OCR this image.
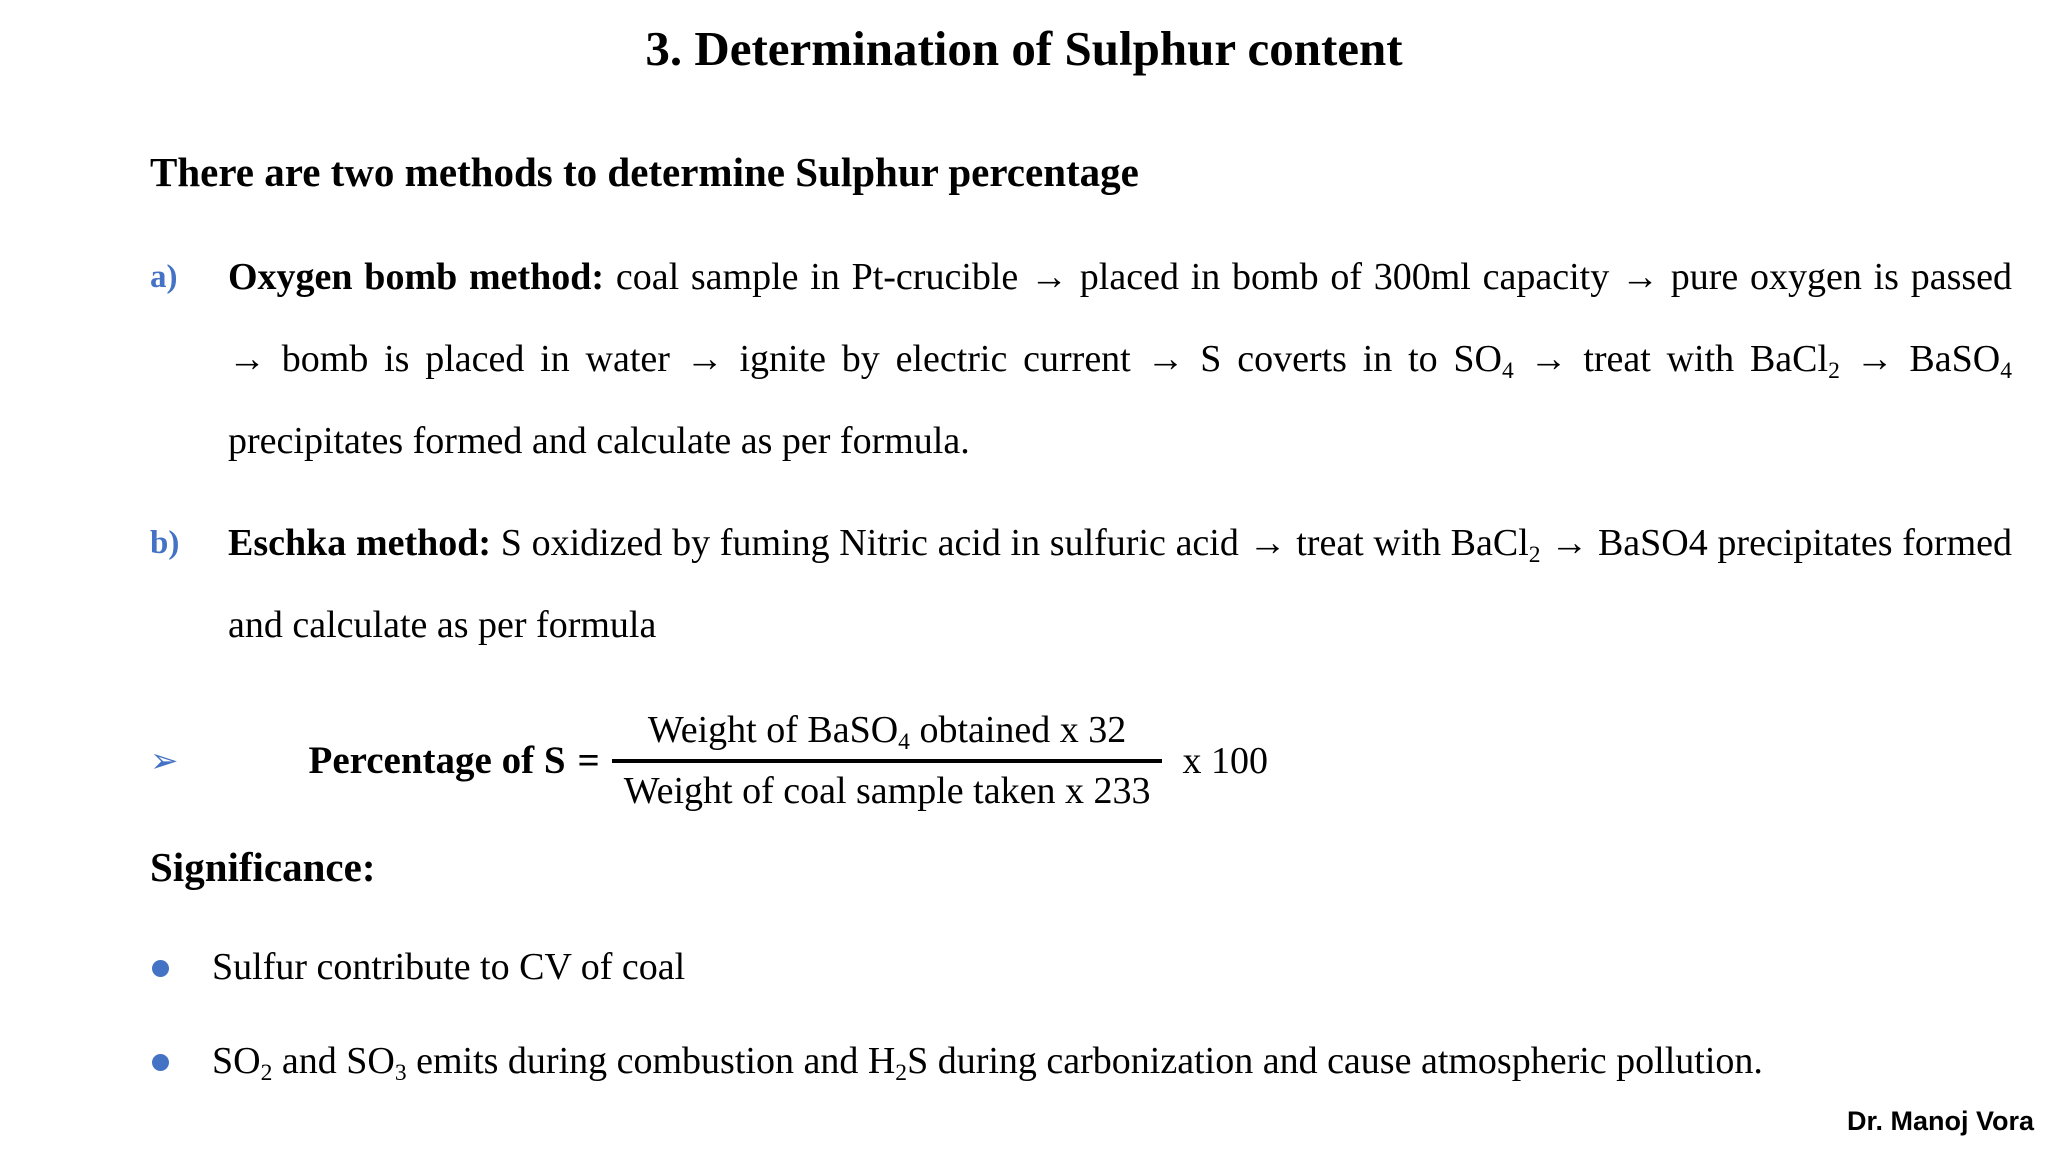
3. Determination of Sulphur content
There are two methods to determine Sulphur percentage
a) Oxygen bomb method: coal sample in Pt-crucible → placed in bomb of 300ml capacity → pure oxygen is passed → bomb is placed in water → ignite by electric current → S coverts in to SO4 → treat with BaCl2 → BaSO4 precipitates formed and calculate as per formula.
b) Eschka method: S oxidized by fuming Nitric acid in sulfuric acid → treat with BaCl2 → BaSO4 precipitates formed and calculate as per formula
➢	Percentage of $S = \frac{\text{Weight of BaSO4 obtained x 32}}{\text{Weight of coal sample taken x 233}}$ x 100
Significance:
Sulfur contribute to CV of coal
SO2 and SO3 emits during combustion and H2S during carbonization and cause atmospheric pollution.
Dr. Manoj Vora
